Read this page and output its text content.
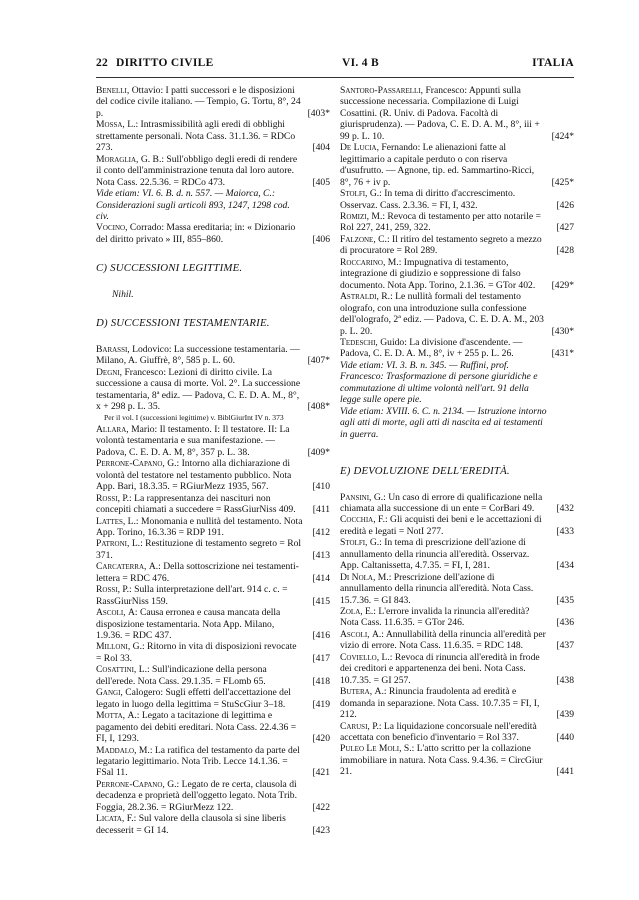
22 DIRITTO CIVILE	VI. 4 B	ITALIA

Benelli, Ottavio: I patti successori e le disposizioni del codice civile italiano. — Tempio, G. Tortu, 8°, 24 p.	[403*

Mossa, L.: Intrasmissibilità agli eredi di obblighi strettamente personali. Nota Cass. 31.1.36. = RDCo 273.	[404

Moraglia, G. B.: Sull'obbligo degli eredi di rendere il conto dell'amministrazione tenuta dal loro autore. Nota Cass. 22.5.36. = RDCo 473.	[405

Vide etiam: VI. 6. B. d. n. 557. — Maiorca, C.: Considerazioni sugli articoli 893, 1247, 1298 cod. civ.

Vocino, Corrado: Massa ereditaria; in: « Dizionario del diritto privato » III, 855–860.	[406

C) SUCCESSIONI LEGITTIME.
Nihil.
D) SUCCESSIONI TESTAMENTARIE.

Barassi, Lodovico: La successione testamentaria. — Milano, A. Giuffrè, 8°, 585 p. L. 60.	[407*

Degni, Francesco: Lezioni di diritto civile. La successione a causa di morte. Vol. 2°. La successione testamentaria, 8ª ediz. — Padova, C. E. D. A. M., 8°, x + 298 p. L. 35.	[408*

Per il vol. I (successioni legittime) v. BiblGiurInt IV n. 373

Allara, Mario: Il testamento. I: Il testatore. II: La volontà testamentaria e sua manifestazione. — Padova, C. E. D. A. M, 8°, 357 p. L. 38.	[409*

Perrone-Capano, G.: Intorno alla dichiarazione di volontà del testatore nel testamento pubblico. Nota App. Bari, 18.3.35. = RGiurMezz 1935, 567.	[410

Rossi, P.: La rappresentanza dei nascituri non concepiti chiamati a succedere = RassGiurNiss 409. [411

Lattes, L.: Monomania e nullità del testamento. Nota App. Torino, 16.3.36 = RDP 191.	[412

Patroni, L.: Restituzione di testamento segreto = Rol 371.	[413

Carcaterra, A.: Della sottoscrizione nei testamenti-lettera = RDC 476.	[414

Rossi, P.: Sulla interpretazione dell'art. 914 c. c. = RassGiurNiss 159.	[415

Ascoli, A: Causa erronea e causa mancata della disposizione testamentaria. Nota App. Milano, 1.9.36. = RDC 437.	[416

Milloni, G.: Ritorno in vita di disposizioni revocate = Rol 33.	[417

Cosattini, L.: Sull'indicazione della persona dell'erede. Nota Cass. 29.1.35. = FLomb 65.	[418

Gangi, Calogero: Sugli effetti dell'accettazione del legato in luogo della legittima = StuScGiur 3–18.	[419

Motta, A.: Legato a tacitazione di legittima e pagamento dei debiti ereditari. Nota Cass. 22.4.36 = FI, I, 1293.	[420

Maddalo, M.: La ratifica del testamento da parte del legatario legittimario. Nota Trib. Lecce 14.1.36. = FSal 11.	[421

Perrone-Capano, G.: Legato de re certa, clausola di decadenza e proprietà dell'oggetto legato. Nota Trib. Foggia, 28.2.36. = RGiurMezz 122.	[422

Licata, F.: Sul valore della clausola si sine liberis decesserit = GI 14.	[423

Santoro-Passarelli, Francesco: Appunti sulla successione necessaria. Compilazione di Luigi Cosattini. (R. Univ. di Padova. Facoltà di giurisprudenza). — Padova, C. E. D. A. M., 8°, iii + 99 p. L. 10.	[424*

De Lucia, Fernando: Le alienazioni fatte al legittimario a capitale perduto o con riserva d'usufrutto. — Agnone, tip. ed. Sammartino-Ricci, 8°, 76 + iv p.	[425*

Stolfi, G.: In tema di diritto d'accrescimento. Osservaz. Cass. 2.3.36. = FI, I, 432.	[426

Romizi, M.: Revoca di testamento per atto notarile = Rol 227, 241, 259, 322.	[427

Falzone, C.: Il ritiro del testamento segreto a mezzo di procuratore = Rol 289.	[428

Roccarino, M.: Impugnativa di testamento, integrazione di giudizio e soppressione di falso documento. Nota App. Torino, 2.1.36. = GTor 402. [429*

Astraldi, R.: Le nullità formali del testamento olografo, con una introduzione sulla confessione dell'olografo, 2ª ediz. — Padova, C. E. D. A. M., 203 p. L. 20.	[430*

Tedeschi, Guido: La divisione d'ascendente. — Padova, C. E. D. A. M., 8°, iv + 255 p. L. 26.	[431*

Vide etiam: VI. 3. B. n. 345. — Ruffini, prof. Francesco: Trasformazione di persone giuridiche e commutazione di ultime volontà nell'art. 91 della legge sulle opere pie.

Vide etiam: XVIII. 6. C. n. 2134. — Istruzione intorno agli atti di morte, agli atti di nascita ed ai testamenti in guerra.

E) DEVOLUZIONE DELL'EREDITÀ.

Pansini, G.: Un caso di errore di qualificazione nella chiamata alla successione di un ente = CorBari 49. [432

Cocchia, F.: Gli acquisti dei beni e le accettazioni di eredità e legati = NotI 277.	[433

Stolfi, G.: In tema di prescrizione dell'azione di annullamento della rinuncia all'eredità. Osservaz. App. Caltanissetta, 4.7.35. = FI, I, 281.	[434

Di Nola, M.: Prescrizione dell'azione di annullamento della rinuncia all'eredità. Nota Cass. 15.7.36. = GI 843.	[435

Zola, E.: L'errore invalida la rinuncia all'eredità? Nota Cass. 11.6.35. = GTor 246.	[436

Ascoli, A.: Annullabilità della rinuncia all'eredità per vizio di errore. Nota Cass. 11.6.35. = RDC 148.	[437

Coviello, L.: Revoca di rinuncia all'eredità in frode dei creditori e appartenenza dei beni. Nota Cass. 10.7.35. = GI 257.	[438

Butera, A.: Rinuncia fraudolenta ad eredità e domanda in separazione. Nota Cass. 10.7.35 = FI, I, 212.	[439

Carusi, P.: La liquidazione concorsuale nell'eredità accettata con beneficio d'inventario = Rol 337.	[440

Puleo Le Moli, S.: L'atto scritto per la collazione immobiliare in natura. Nota Cass. 9.4.36. = CircGiur 21.	[441
